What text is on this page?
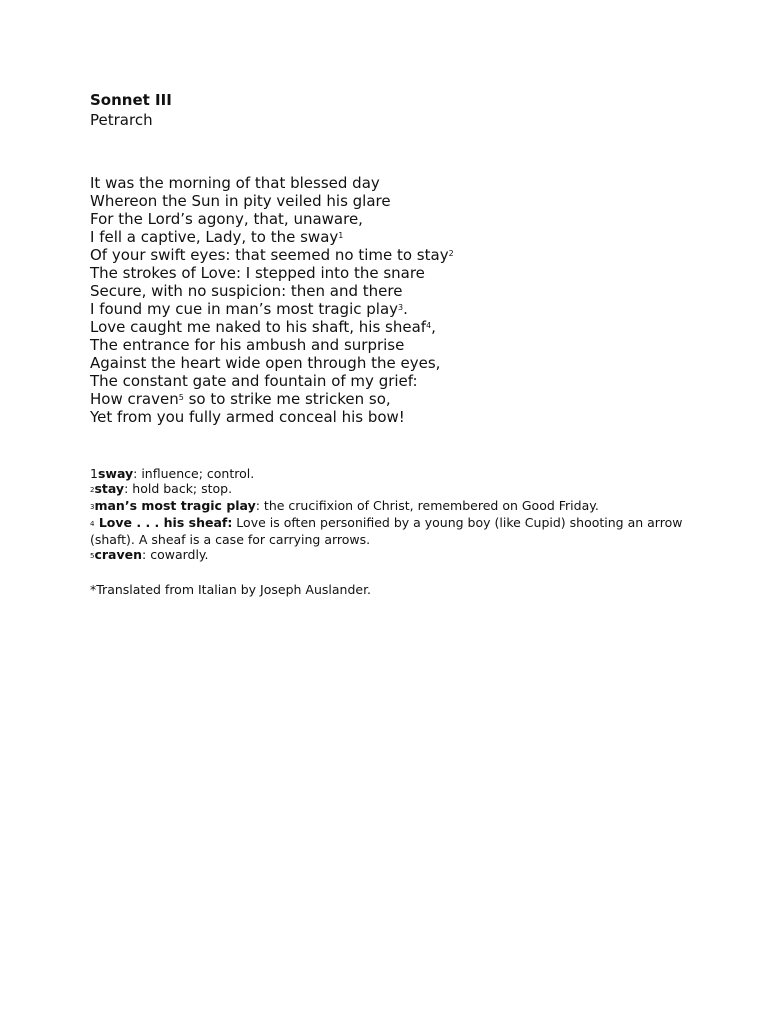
Sonnet III
Petrarch
It was the morning of that blessed day
Whereon the Sun in pity veiled his glare
For the Lord’s agony, that, unaware,
I fell a captive, Lady, to the sway$^1$
Of your swift eyes: that seemed no time to stay$^2$
The strokes of Love: I stepped into the snare
Secure, with no suspicion: then and there
I found my cue in man’s most tragic play$^3$.
Love caught me naked to his shaft, his sheaf$^4$,
The entrance for his ambush and surprise
Against the heart wide open through the eyes,
The constant gate and fountain of my grief:
How craven$^5$ so to strike me stricken so,
Yet from you fully armed conceal his bow!
1sway: influence; control.
2stay: hold back; stop.
3man’s most tragic play: the crucifixion of Christ, remembered on Good Friday.
4 Love . . . his sheaf: Love is often personified by a young boy (like Cupid) shooting an arrow (shaft). A sheaf is a case for carrying arrows.
5craven: cowardly.
*Translated from Italian by Joseph Auslander.
